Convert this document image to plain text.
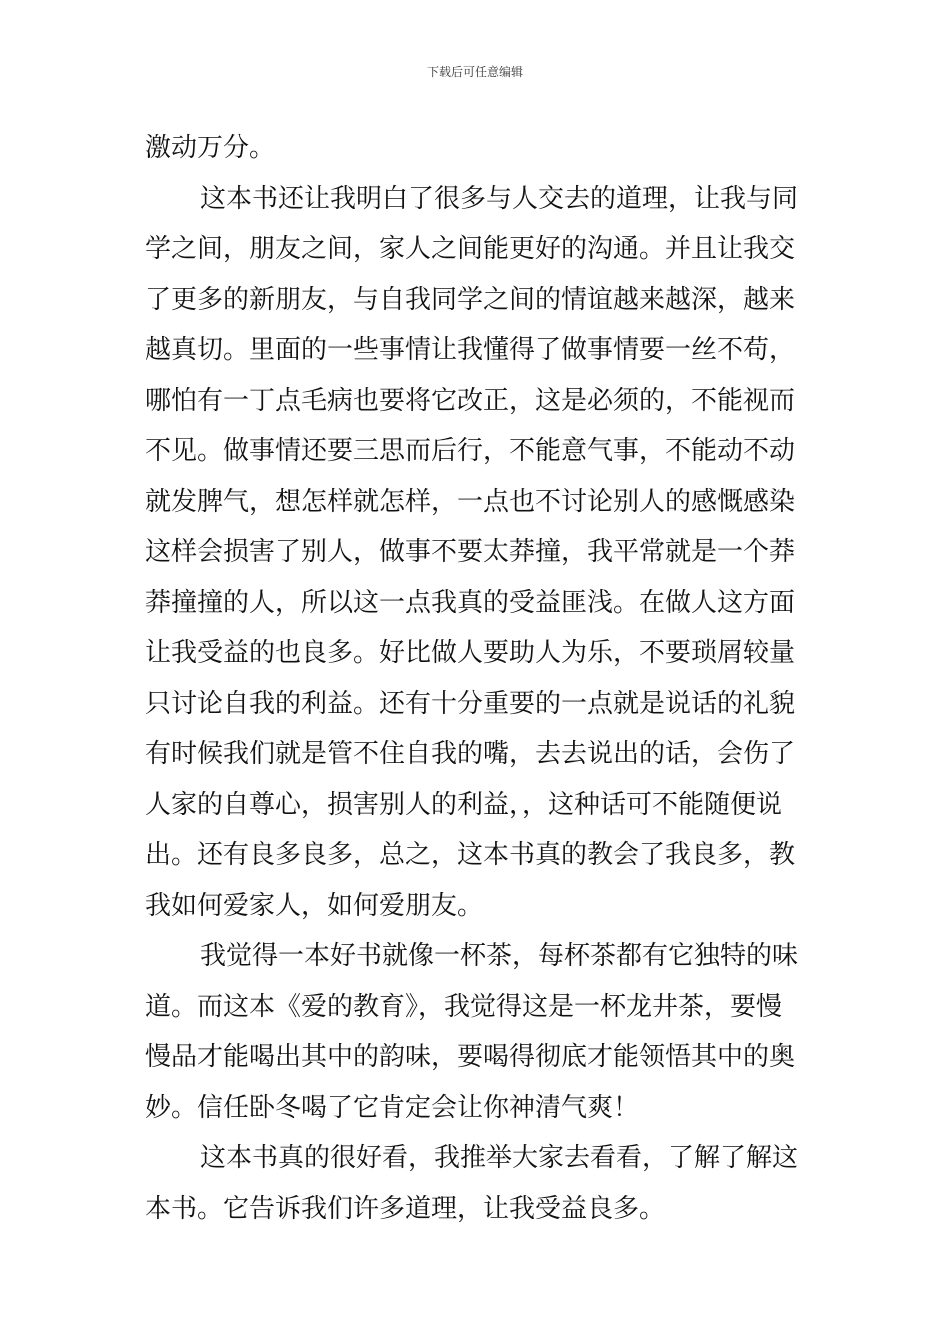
下载后可任意编辑
激动万分。
这本书还让我明白了很多与人交去的道理，让我与同
学之间，朋友之间，家人之间能更好的沟通。并且让我交
了更多的新朋友，与自我同学之间的情谊越来越深，越来
越真切。里面的一些事情让我懂得了做事情要一丝不苟，
哪怕有一丁点毛病也要将它改正，这是必须的，不能视而
不见。做事情还要三思而后行，不能意气事，不能动不动
就发脾气，想怎样就怎样，一点也不讨论别人的感慨感染
这样会损害了别人，做事不要太莽撞，我平常就是一个莽
莽撞撞的人，所以这一点我真的受益匪浅。在做人这方面
让我受益的也良多。好比做人要助人为乐，不要琐屑较量
只讨论自我的利益。还有十分重要的一点就是说话的礼貌
有时候我们就是管不住自我的嘴，去去说出的话，会伤了
人家的自尊心，损害别人的利益，，这种话可不能随便说
出。还有良多良多，总之，这本书真的教会了我良多，教
我如何爱家人，如何爱朋友。
我觉得一本好书就像一杯茶，每杯茶都有它独特的味
道。而这本《爱的教育》，我觉得这是一杯龙井茶，要慢
慢品才能喝出其中的韵味，要喝得彻底才能领悟其中的奥
妙。信任卧冬喝了它肯定会让你神清气爽！
这本书真的很好看，我推举大家去看看，了解了解这
本书。它告诉我们许多道理，让我受益良多。
